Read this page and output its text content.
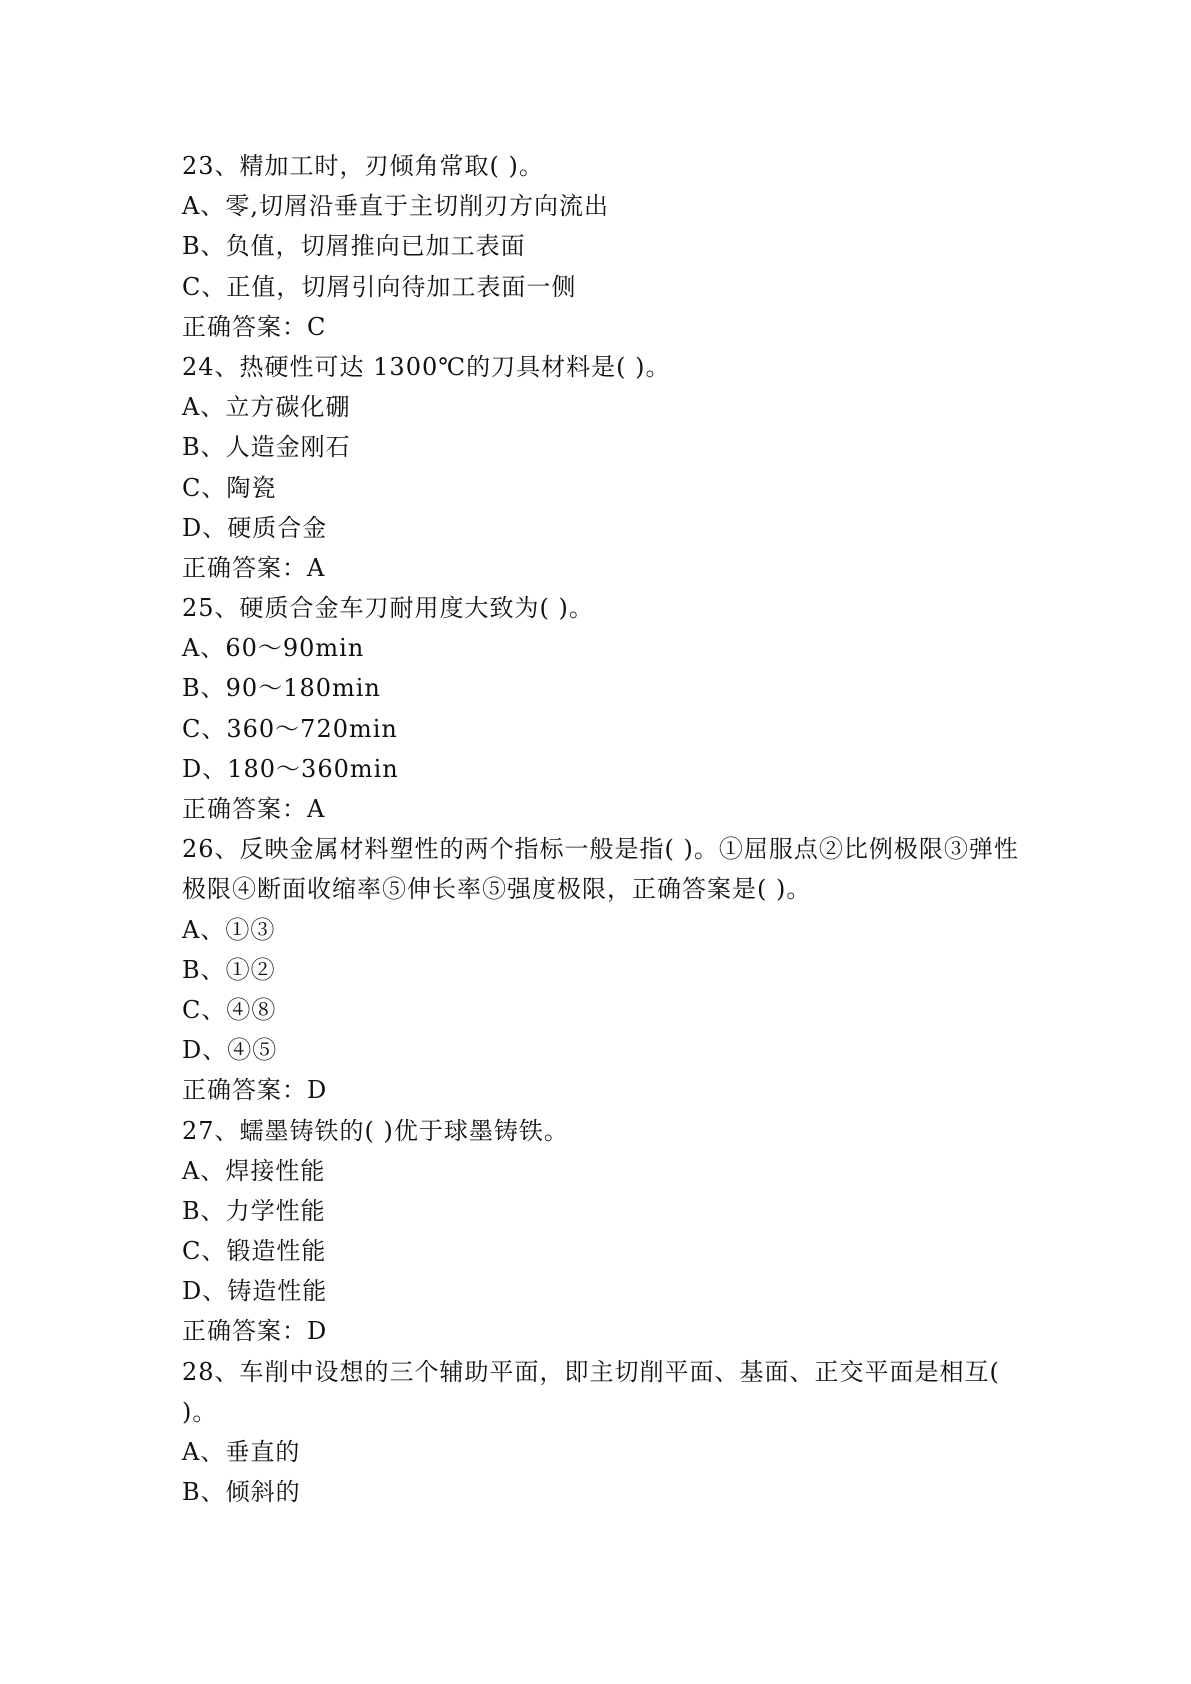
23、精加工时，刃倾角常取( )。
A、零,切屑沿垂直于主切削刃方向流出
B、负值，切屑推向已加工表面
C、正值，切屑引向待加工表面一侧
正确答案：C
24、热硬性可达 1300℃的刀具材料是( )。
A、立方碳化硼
B、人造金刚石
C、陶瓷
D、硬质合金
正确答案：A
25、硬质合金车刀耐用度大致为( )。
A、60～90min
B、90～180min
C、360～720min
D、180～360min
正确答案：A
26、反映金属材料塑性的两个指标一般是指( )。①屈服点②比例极限③弹性极限④断面收缩率⑤伸长率⑤强度极限，正确答案是( )。
A、①③
B、①②
C、④⑧
D、④⑤
正确答案：D
27、蠕墨铸铁的( )优于球墨铸铁。
A、焊接性能
B、力学性能
C、锻造性能
D、铸造性能
正确答案：D
28、车削中设想的三个辅助平面，即主切削平面、基面、正交平面是相互( )。
A、垂直的
B、倾斜的
